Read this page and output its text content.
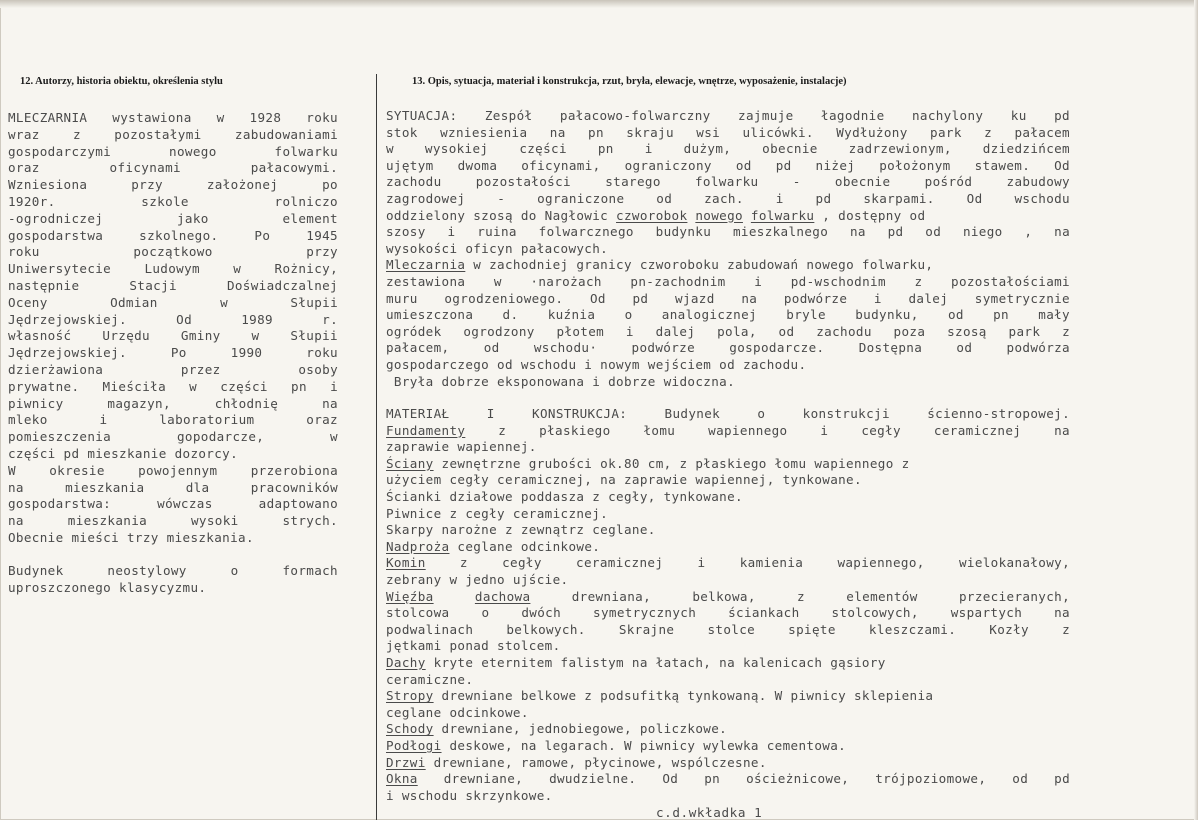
12. Autorzy, historia obiektu, określenia stylu	13. Opis, sytuacja, materiał i konstrukcja, rzut, bryła, elewacje, wnętrze, wyposażenie, instalacje)
MLECZARNIA wystawiona w 1928 roku
wraz z pozostałymi zabudowaniami
gospodarczymi nowego folwarku
oraz oficynami pałacowymi.
Wzniesiona przy założonej po
1920r. szkole rolniczo
-ogrodniczej jako element
gospodarstwa szkolnego. Po 1945
roku początkowo przy
Uniwersytecie Ludowym w Rożnicy,
następnie Stacji Doświadczalnej
Oceny Odmian w Słupii
Jędrzejowskiej. Od 1989 r.
własność Urzędu Gminy w Słupii
Jędrzejowskiej. Po 1990 roku
dzierżawiona przez osoby
prywatne. Mieściła w części pn i
piwnicy magazyn, chłodnię na
mleko i laboratorium oraz
pomieszczenia gopodarcze, w
części pd mieszkanie dozorcy.
W okresie powojennym przerobiona
na mieszkania dla pracowników
gospodarstwa: wówczas adaptowano
na mieszkania wysoki strych.
Obecnie mieści trzy mieszkania.
Budynek neostylowy o formach
uproszczonego klasycyzmu.
SYTUACJA: Zespół pałacowo-folwarczny zajmuje łagodnie nachylony ku pd
stok wzniesienia na pn skraju wsi ulicówki. Wydłużony park z pałacem
w wysokiej części pn i dużym, obecnie zadrzewionym, dziedzińcem
ujętym dwoma oficynami, ograniczony od pd niżej położonym stawem. Od
zachodu pozostałości starego folwarku - obecnie pośród zabudowy
zagrodowej - ograniczone od zach. i pd skarpami. Od wschodu
oddzielony szosą do Nagłowic czworobok nowego folwarku , dostępny od
szosy i ruina folwarcznego budynku mieszkalnego na pd od niego , na
wysokości oficyn pałacowych.
Mleczarnia w zachodniej granicy czworoboku zabudowań nowego folwarku,
zestawiona w ·narożach pn-zachodnim i pd-wschodnim z pozostałościami
muru ogrodzeniowego. Od pd wjazd na podwórze i dalej symetrycznie
umieszczona d. kuźnia o analogicznej bryle budynku, od pn mały
ogródek ogrodzony płotem i dalej pola, od zachodu poza szosą park z
pałacem, od wschodu· podwórze gospodarcze. Dostępna od podwórza
gospodarczego od wschodu i nowym wejściem od zachodu.
Bryła dobrze eksponowana i dobrze widoczna.
MATERIAŁ I KONSTRUKCJA: Budynek o konstrukcji ścienno-stropowej.
Fundamenty z płaskiego łomu wapiennego i cegły ceramicznej na
zaprawie wapiennej.
Ściany zewnętrzne grubości ok.80 cm, z płaskiego łomu wapiennego z
użyciem cegły ceramicznej, na zaprawie wapiennej, tynkowane.
Ścianki działowe poddasza z cegły, tynkowane.
Piwnice z cegły ceramicznej.
Skarpy narożne z zewnątrz ceglane.
Nadproża ceglane odcinkowe.
Komin z cegły ceramicznej i kamienia wapiennego, wielokanałowy,
zebrany w jedno ujście.
Więźba	dachowa drewniana, belkowa, z elementów przecieranych,
stolcowa o dwóch symetrycznych ściankach stolcowych, wspartych na
podwalinach belkowych. Skrajne stolce spięte kleszczami. Kozły z
jętkami ponad stolcem.
Dachy kryte eternitem falistym na łatach, na kalenicach gąsiory
ceramiczne.
Stropy drewniane belkowe z podsufitką tynkowaną. W piwnicy sklepienia
ceglane odcinkowe.
Schody drewniane, jednobiegowe, policzkowe.
Podłogi deskowe, na legarach. W piwnicy wylewka cementowa.
Drzwi drewniane, ramowe, płycinowe, wspólczesne.
Okna drewniane, dwudzielne. Od pn ościeżnicowe, trójpoziomowe, od pd
i wschodu skrzynkowe.
c.d.wkładka 1
